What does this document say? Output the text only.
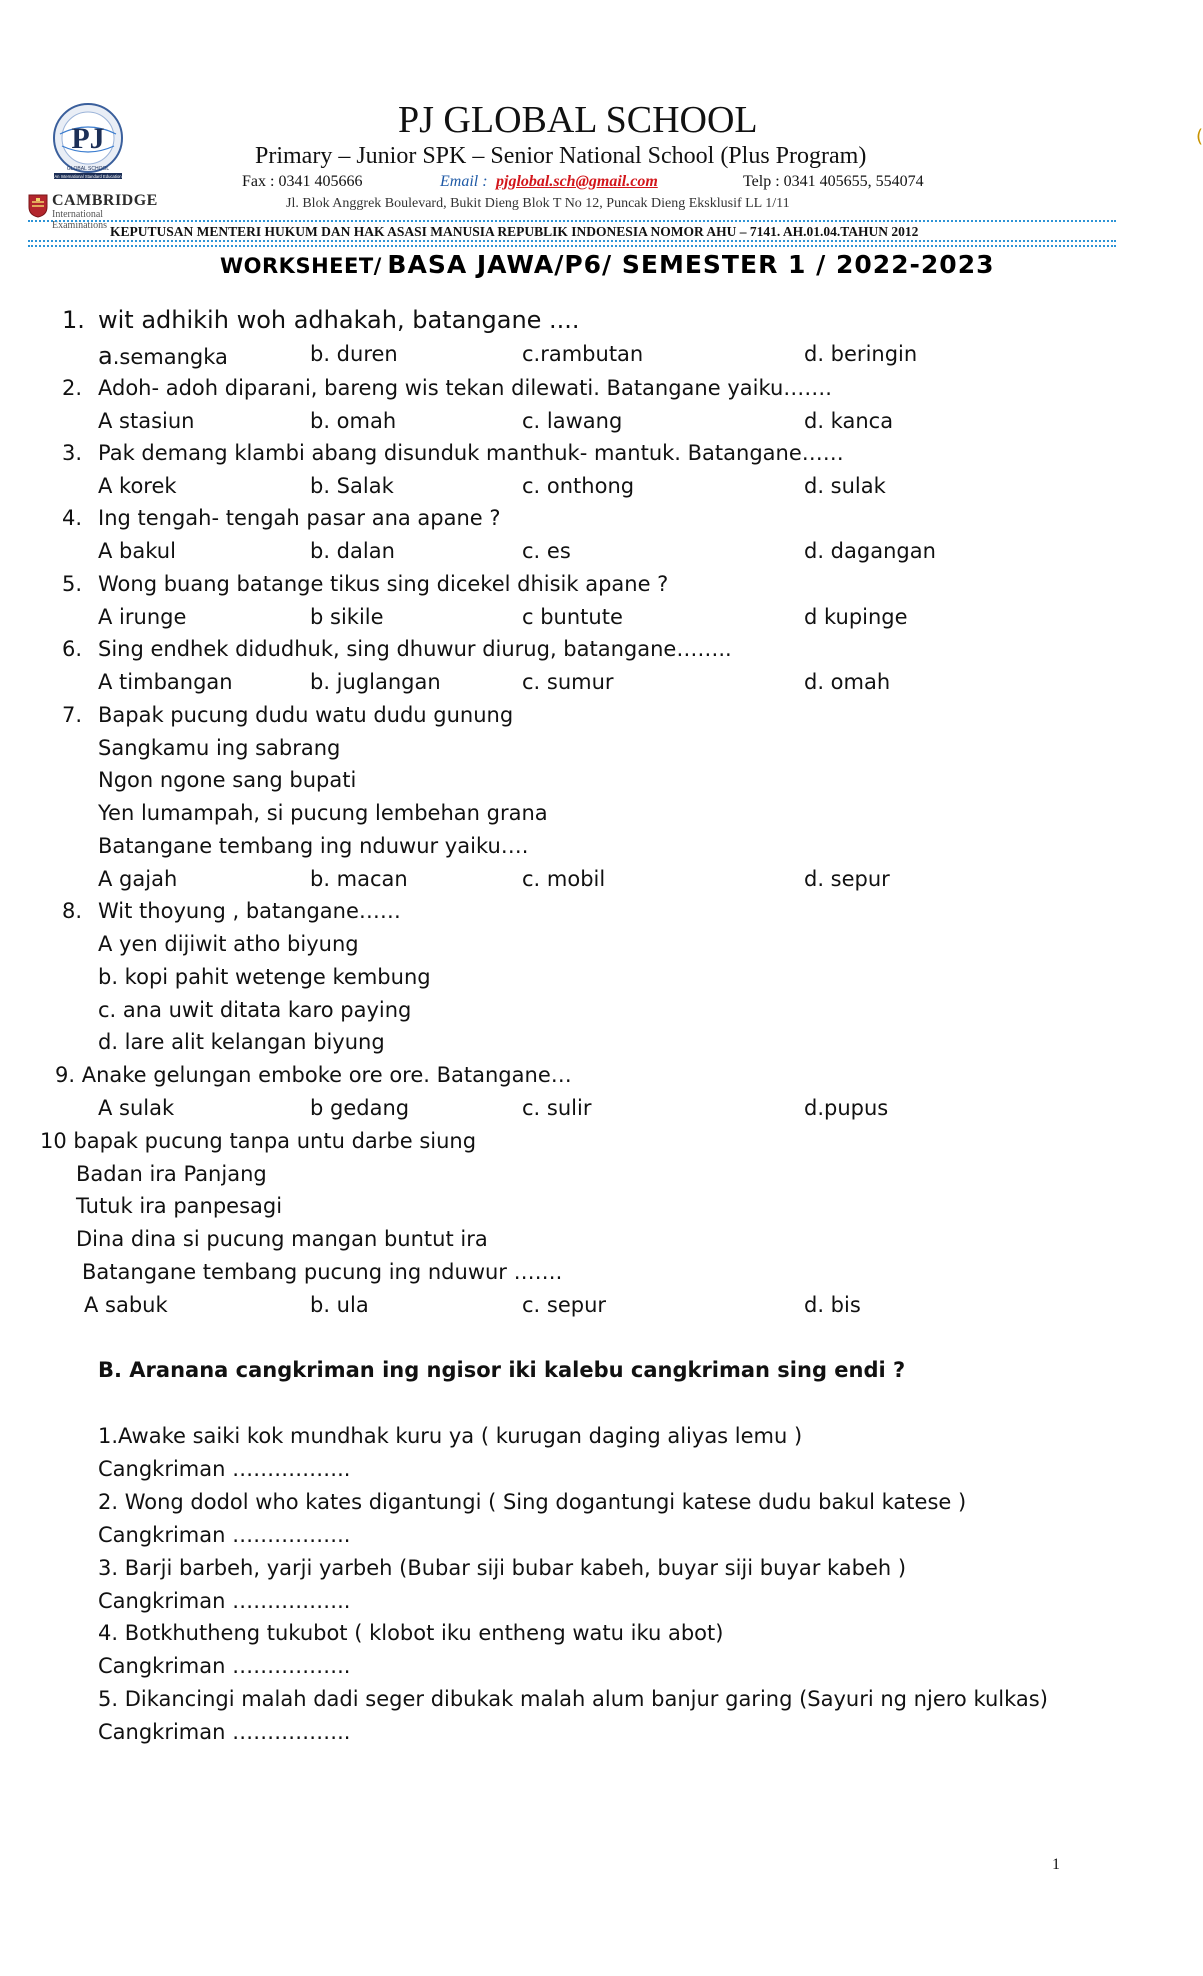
PJ
GLOBAL SCHOOL
An International Standard Education
CAMBRIDGE
International Examinations
PJ GLOBAL SCHOOL
Primary – Junior SPK – Senior National School (Plus Program)
Fax : 0341 405666	Email : pjglobal.sch@gmail.com	Telp : 0341 405655, 554074
Jl. Blok Anggrek Boulevard, Bukit Dieng Blok T No 12, Puncak Dieng Eksklusif LL 1/11
KEPUTUSAN MENTERI HUKUM DAN HAK ASASI MANUSIA REPUBLIK INDONESIA NOMOR AHU – 7141. AH.01.04.TAHUN 2012
(
WORKSHEET/ BASA JAWA/P6/ SEMESTER 1 / 2022-2023
1. wit adhikih woh adhakah, batangane ....
a.semangka	b. duren	c.rambutan	d. beringin
2. Adoh- adoh diparani, bareng wis tekan dilewati. Batangane yaiku…….
A stasiun	b. omah	c. lawang	d. kanca
3. Pak demang klambi abang disunduk manthuk- mantuk. Batangane……
A korek	b. Salak	c. onthong	d. sulak
4. Ing tengah- tengah pasar ana apane ?
A bakul	b. dalan	c. es	d. dagangan
5. Wong buang batange tikus sing dicekel dhisik apane ?
A irunge	b sikile	c buntute	d kupinge
6. Sing endhek didudhuk, sing dhuwur diurug, batangane……..
A timbangan	b. juglangan	c. sumur	d. omah
7. Bapak pucung dudu watu dudu gunung
Sangkamu ing sabrang
Ngon ngone sang bupati
Yen lumampah, si pucung lembehan grana
Batangane tembang ing nduwur yaiku….
A gajah	b. macan	c. mobil	d. sepur
8. Wit thoyung , batangane……
A yen dijiwit atho biyung
b. kopi pahit wetenge kembung
c. ana uwit ditata karo paying
d. lare alit kelangan biyung
9. Anake gelungan emboke ore ore. Batangane…
A sulak	b gedang	c. sulir	d.pupus
10 bapak pucung tanpa untu darbe siung
Badan ira Panjang
Tutuk ira panpesagi
Dina dina si pucung mangan buntut ira
Batangane tembang pucung ing nduwur …….
A sabuk	b. ula	c. sepur	d. bis
B. Aranana cangkriman ing ngisor iki kalebu cangkriman sing endi ?
1.Awake saiki kok mundhak kuru ya ( kurugan daging aliyas lemu )
Cangkriman ……………..
2. Wong dodol who kates digantungi ( Sing dogantungi katese dudu bakul katese )
Cangkriman ……………..
3. Barji barbeh, yarji yarbeh (Bubar siji bubar kabeh, buyar siji buyar kabeh )
Cangkriman ……………..
4. Botkhutheng tukubot ( klobot iku entheng watu iku abot)
Cangkriman ……………..
5. Dikancingi malah dadi seger dibukak malah alum banjur garing (Sayuri ng njero kulkas)
Cangkriman ……………..
1
